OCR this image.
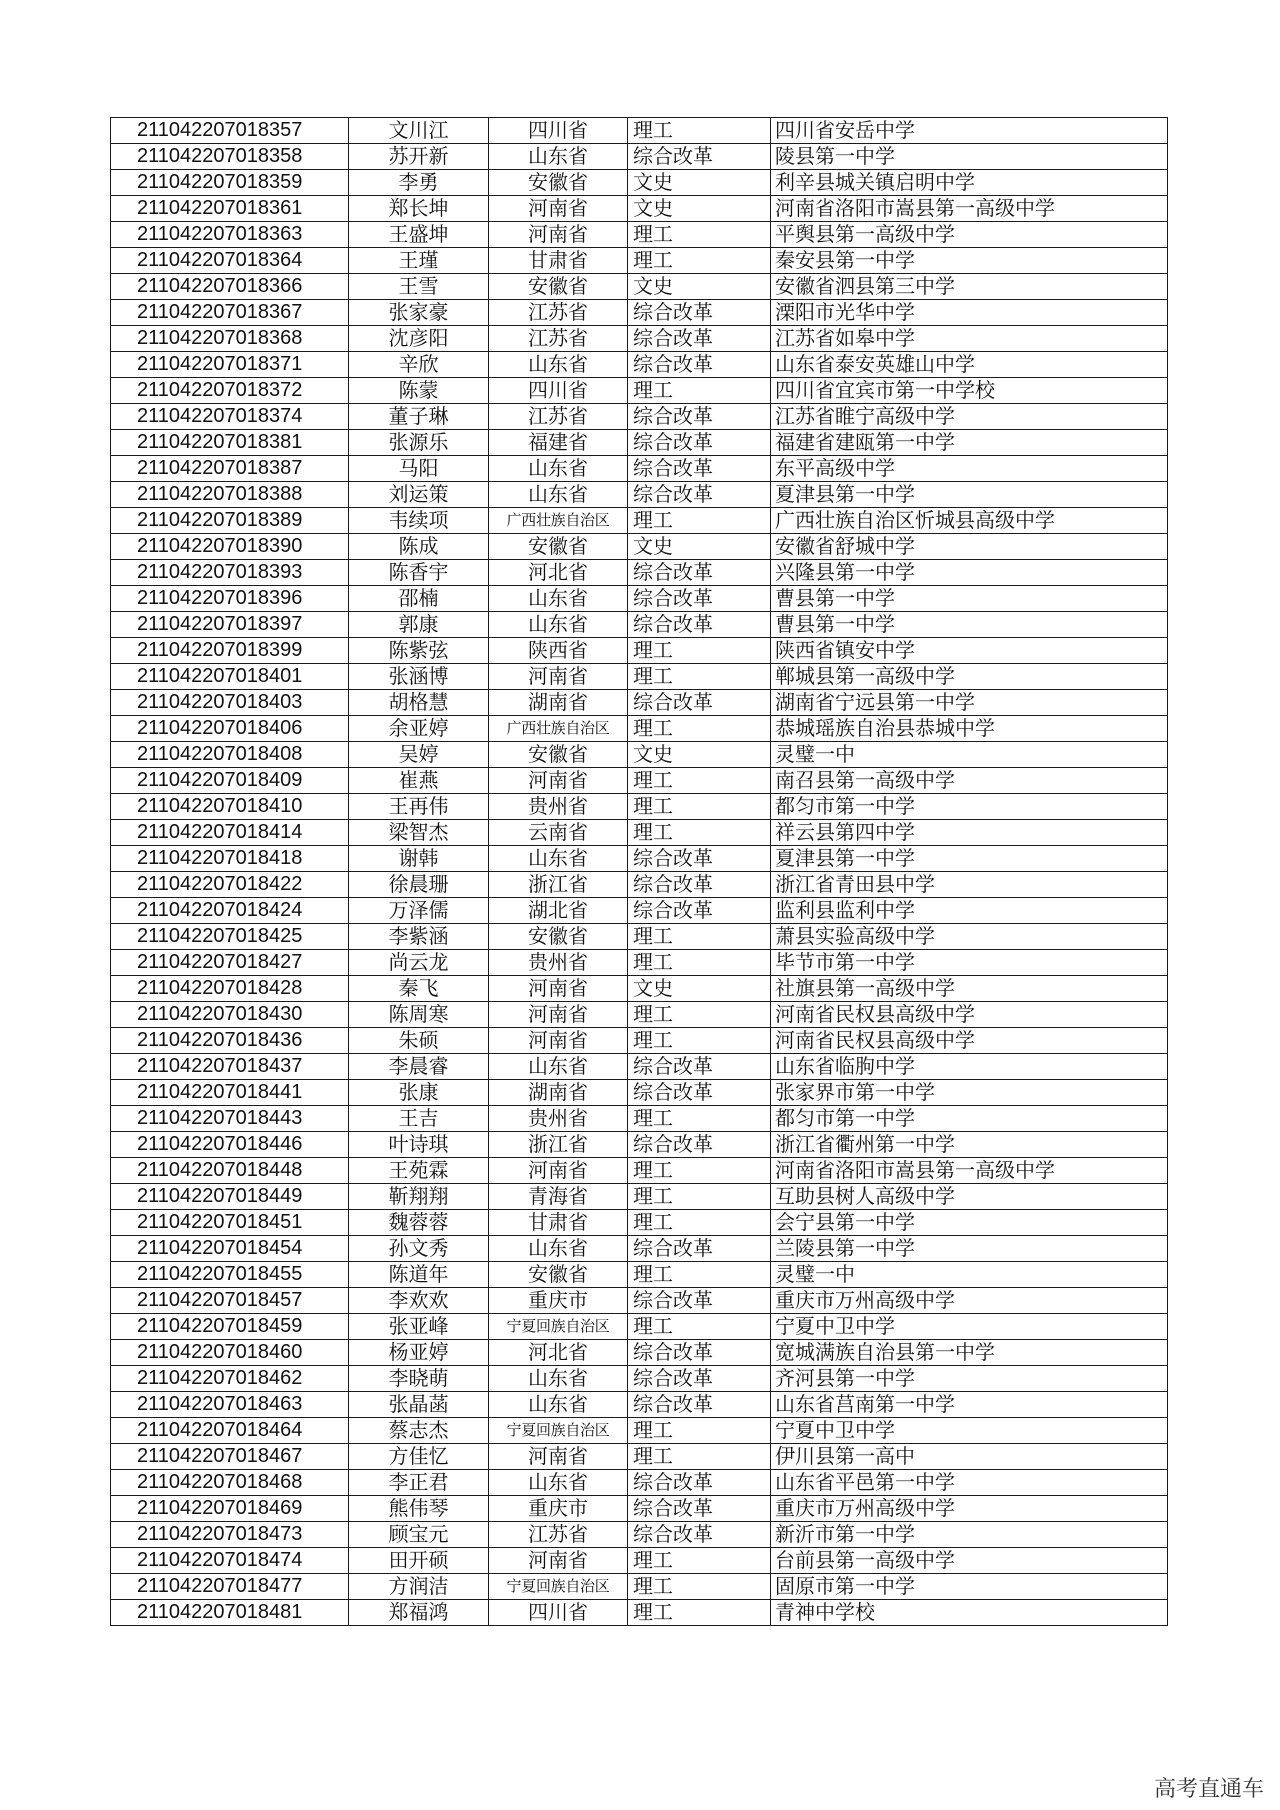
211042207018357	文川江	四川省	理工	四川省安岳中学
211042207018358	苏开新	山东省	综合改革	陵县第一中学
211042207018359	李勇	安徽省	文史	利辛县城关镇启明中学
211042207018361	郑长坤	河南省	文史	河南省洛阳市嵩县第一高级中学
211042207018363	王盛坤	河南省	理工	平舆县第一高级中学
211042207018364	王瑾	甘肃省	理工	秦安县第一中学
211042207018366	王雪	安徽省	文史	安徽省泗县第三中学
211042207018367	张家豪	江苏省	综合改革	溧阳市光华中学
211042207018368	沈彦阳	江苏省	综合改革	江苏省如皋中学
211042207018371	辛欣	山东省	综合改革	山东省泰安英雄山中学
211042207018372	陈蒙	四川省	理工	四川省宜宾市第一中学校
211042207018374	董子琳	江苏省	综合改革	江苏省睢宁高级中学
211042207018381	张源乐	福建省	综合改革	福建省建瓯第一中学
211042207018387	马阳	山东省	综合改革	东平高级中学
211042207018388	刘运策	山东省	综合改革	夏津县第一中学
211042207018389	韦续项	广西壮族自治区	理工	广西壮族自治区忻城县高级中学
211042207018390	陈成	安徽省	文史	安徽省舒城中学
211042207018393	陈香宇	河北省	综合改革	兴隆县第一中学
211042207018396	邵楠	山东省	综合改革	曹县第一中学
211042207018397	郭康	山东省	综合改革	曹县第一中学
211042207018399	陈紫弦	陕西省	理工	陕西省镇安中学
211042207018401	张涵博	河南省	理工	郸城县第一高级中学
211042207018403	胡格慧	湖南省	综合改革	湖南省宁远县第一中学
211042207018406	余亚婷	广西壮族自治区	理工	恭城瑶族自治县恭城中学
211042207018408	吴婷	安徽省	文史	灵璧一中
211042207018409	崔燕	河南省	理工	南召县第一高级中学
211042207018410	王再伟	贵州省	理工	都匀市第一中学
211042207018414	梁智杰	云南省	理工	祥云县第四中学
211042207018418	谢韩	山东省	综合改革	夏津县第一中学
211042207018422	徐晨珊	浙江省	综合改革	浙江省青田县中学
211042207018424	万泽儒	湖北省	综合改革	监利县监利中学
211042207018425	李紫涵	安徽省	理工	萧县实验高级中学
211042207018427	尚云龙	贵州省	理工	毕节市第一中学
211042207018428	秦飞	河南省	文史	社旗县第一高级中学
211042207018430	陈周寒	河南省	理工	河南省民权县高级中学
211042207018436	朱硕	河南省	理工	河南省民权县高级中学
211042207018437	李晨睿	山东省	综合改革	山东省临朐中学
211042207018441	张康	湖南省	综合改革	张家界市第一中学
211042207018443	王吉	贵州省	理工	都匀市第一中学
211042207018446	叶诗琪	浙江省	综合改革	浙江省衢州第一中学
211042207018448	王苑霖	河南省	理工	河南省洛阳市嵩县第一高级中学
211042207018449	靳翔翔	青海省	理工	互助县树人高级中学
211042207018451	魏蓉蓉	甘肃省	理工	会宁县第一中学
211042207018454	孙文秀	山东省	综合改革	兰陵县第一中学
211042207018455	陈道年	安徽省	理工	灵璧一中
211042207018457	李欢欢	重庆市	综合改革	重庆市万州高级中学
211042207018459	张亚峰	宁夏回族自治区	理工	宁夏中卫中学
211042207018460	杨亚婷	河北省	综合改革	宽城满族自治县第一中学
211042207018462	李晓萌	山东省	综合改革	齐河县第一中学
211042207018463	张晶菡	山东省	综合改革	山东省莒南第一中学
211042207018464	蔡志杰	宁夏回族自治区	理工	宁夏中卫中学
211042207018467	方佳忆	河南省	理工	伊川县第一高中
211042207018468	李正君	山东省	综合改革	山东省平邑第一中学
211042207018469	熊伟琴	重庆市	综合改革	重庆市万州高级中学
211042207018473	顾宝元	江苏省	综合改革	新沂市第一中学
211042207018474	田开硕	河南省	理工	台前县第一高级中学
211042207018477	方润洁	宁夏回族自治区	理工	固原市第一中学
211042207018481	郑福鸿	四川省	理工	青神中学校
高考直通车
